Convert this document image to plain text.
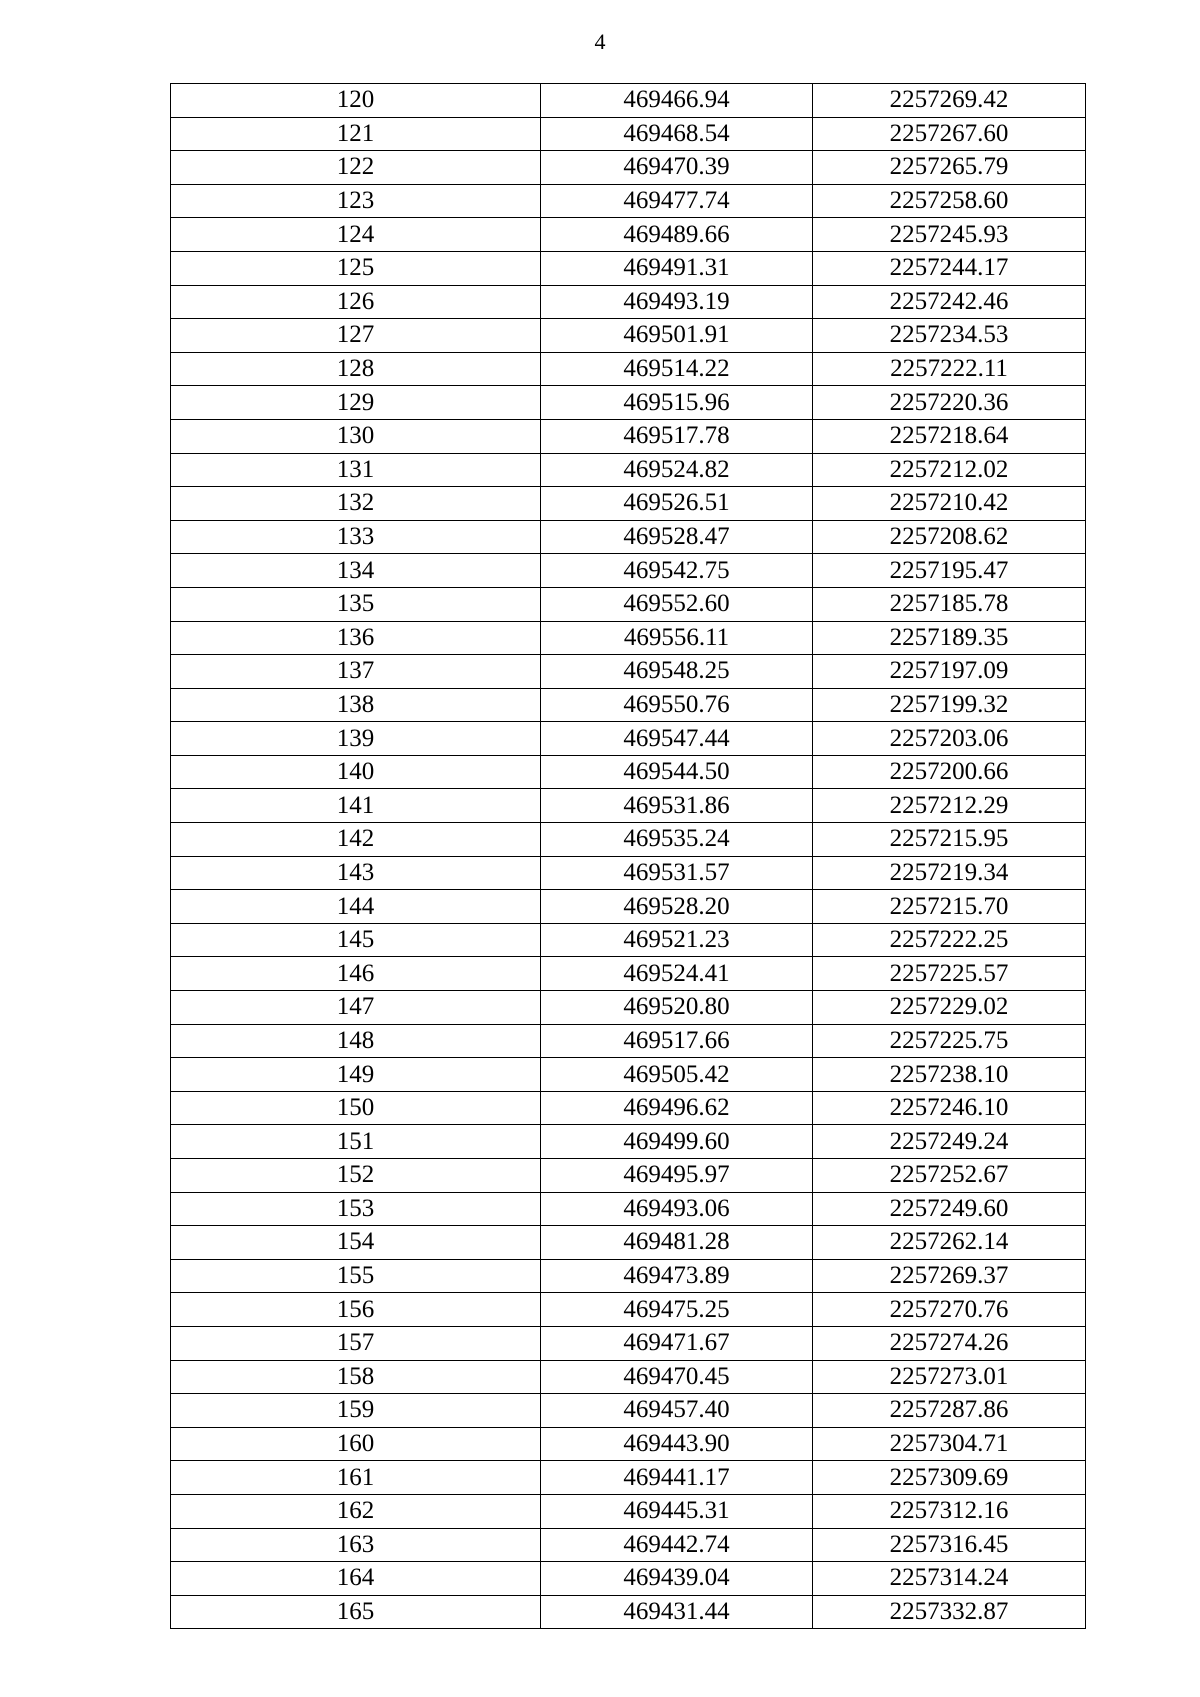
4
120	469466.94	2257269.42
121	469468.54	2257267.60
122	469470.39	2257265.79
123	469477.74	2257258.60
124	469489.66	2257245.93
125	469491.31	2257244.17
126	469493.19	2257242.46
127	469501.91	2257234.53
128	469514.22	2257222.11
129	469515.96	2257220.36
130	469517.78	2257218.64
131	469524.82	2257212.02
132	469526.51	2257210.42
133	469528.47	2257208.62
134	469542.75	2257195.47
135	469552.60	2257185.78
136	469556.11	2257189.35
137	469548.25	2257197.09
138	469550.76	2257199.32
139	469547.44	2257203.06
140	469544.50	2257200.66
141	469531.86	2257212.29
142	469535.24	2257215.95
143	469531.57	2257219.34
144	469528.20	2257215.70
145	469521.23	2257222.25
146	469524.41	2257225.57
147	469520.80	2257229.02
148	469517.66	2257225.75
149	469505.42	2257238.10
150	469496.62	2257246.10
151	469499.60	2257249.24
152	469495.97	2257252.67
153	469493.06	2257249.60
154	469481.28	2257262.14
155	469473.89	2257269.37
156	469475.25	2257270.76
157	469471.67	2257274.26
158	469470.45	2257273.01
159	469457.40	2257287.86
160	469443.90	2257304.71
161	469441.17	2257309.69
162	469445.31	2257312.16
163	469442.74	2257316.45
164	469439.04	2257314.24
165	469431.44	2257332.87
